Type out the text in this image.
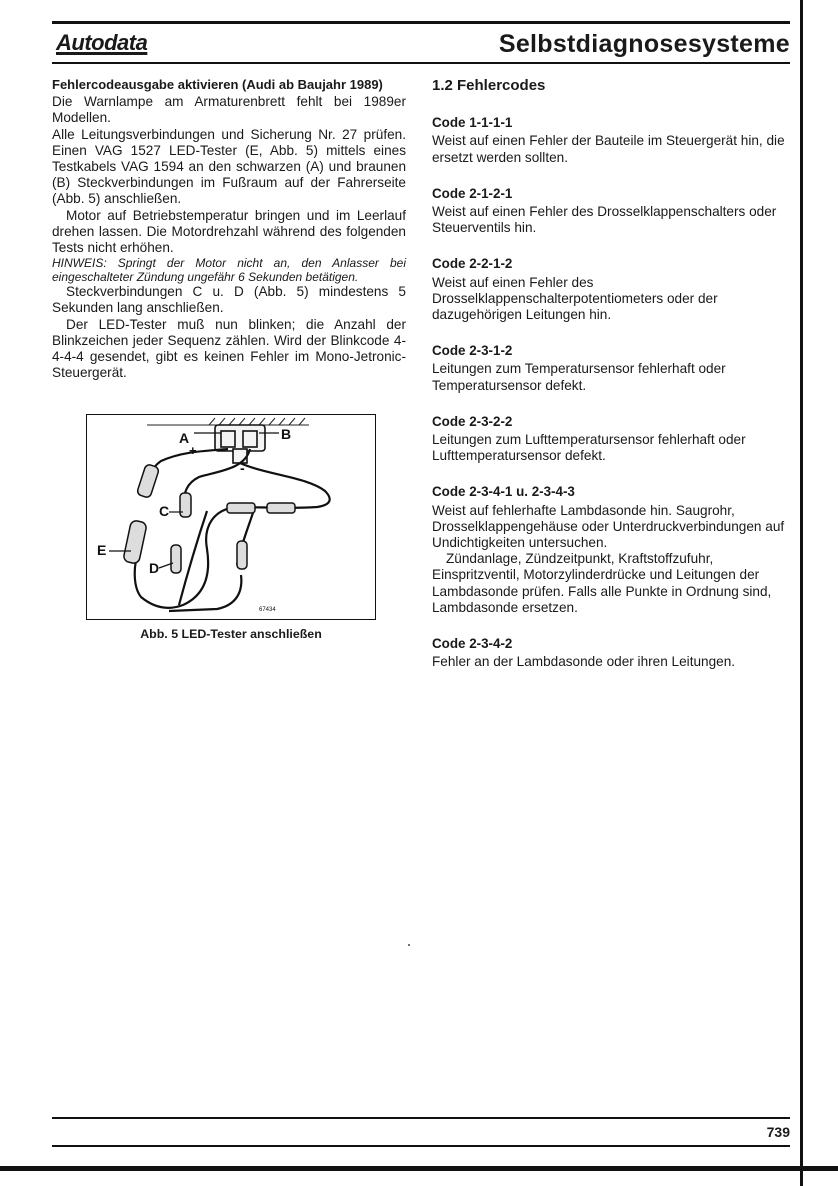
Autodata	Selbstdiagnosesysteme

Fehlercodeausgabe aktivieren (Audi ab Baujahr 1989)

Die Warnlampe am Armaturenbrett fehlt bei 1989er Modellen.

Alle Leitungsverbindungen und Sicherung Nr. 27 prüfen. Einen VAG 1527 LED-Tester (E, Abb. 5) mittels eines Testkabels VAG 1594 an den schwarzen (A) und braunen (B) Steckverbindungen im Fußraum auf der Fahrerseite (Abb. 5) anschließen.

Motor auf Betriebstemperatur bringen und im Leerlauf drehen lassen. Die Motordrehzahl während des folgenden Tests nicht erhöhen.

HINWEIS: Springt der Motor nicht an, den Anlasser bei eingeschalteter Zündung ungefähr 6 Sekunden betätigen.

Steckverbindungen C u. D (Abb. 5) mindestens 5 Sekunden lang anschließen.

Der LED-Tester muß nun blinken; die Anzahl der Blinkzeichen jeder Sequenz zählen. Wird der Blinkcode 4-4-4-4 gesendet, gibt es keinen Fehler im Mono-Jetronic-Steuergerät.

A
+
B
-
C
D
E
67434
Abb. 5 LED-Tester anschließen
1.2 Fehlercodes
Code 1-1-1-1

Weist auf einen Fehler der Bauteile im Steuergerät hin, die ersetzt werden sollten.

Code 2-1-2-1

Weist auf einen Fehler des Drosselklappenschalters oder Steuerventils hin.

Code 2-2-1-2

Weist auf einen Fehler des Drosselklappenschalterpotentiometers oder der dazugehörigen Leitungen hin.

Code 2-3-1-2

Leitungen zum Temperatursensor fehlerhaft oder Temperatursensor defekt.

Code 2-3-2-2

Leitungen zum Lufttemperatursensor fehlerhaft oder Lufttemperatursensor defekt.

Code 2-3-4-1 u. 2-3-4-3

Weist auf fehlerhafte Lambdasonde hin. Saugrohr, Drosselklappengehäuse oder Unterdruckverbindungen auf Undichtigkeiten untersuchen.

Zündanlage, Zündzeitpunkt, Kraftstoffzufuhr, Einspritzventil, Motorzylinderdrücke und Leitungen der Lambdasonde prüfen. Falls alle Punkte in Ordnung sind, Lambdasonde ersetzen.

Code 2-3-4-2

Fehler an der Lambdasonde oder ihren Leitungen.

739
